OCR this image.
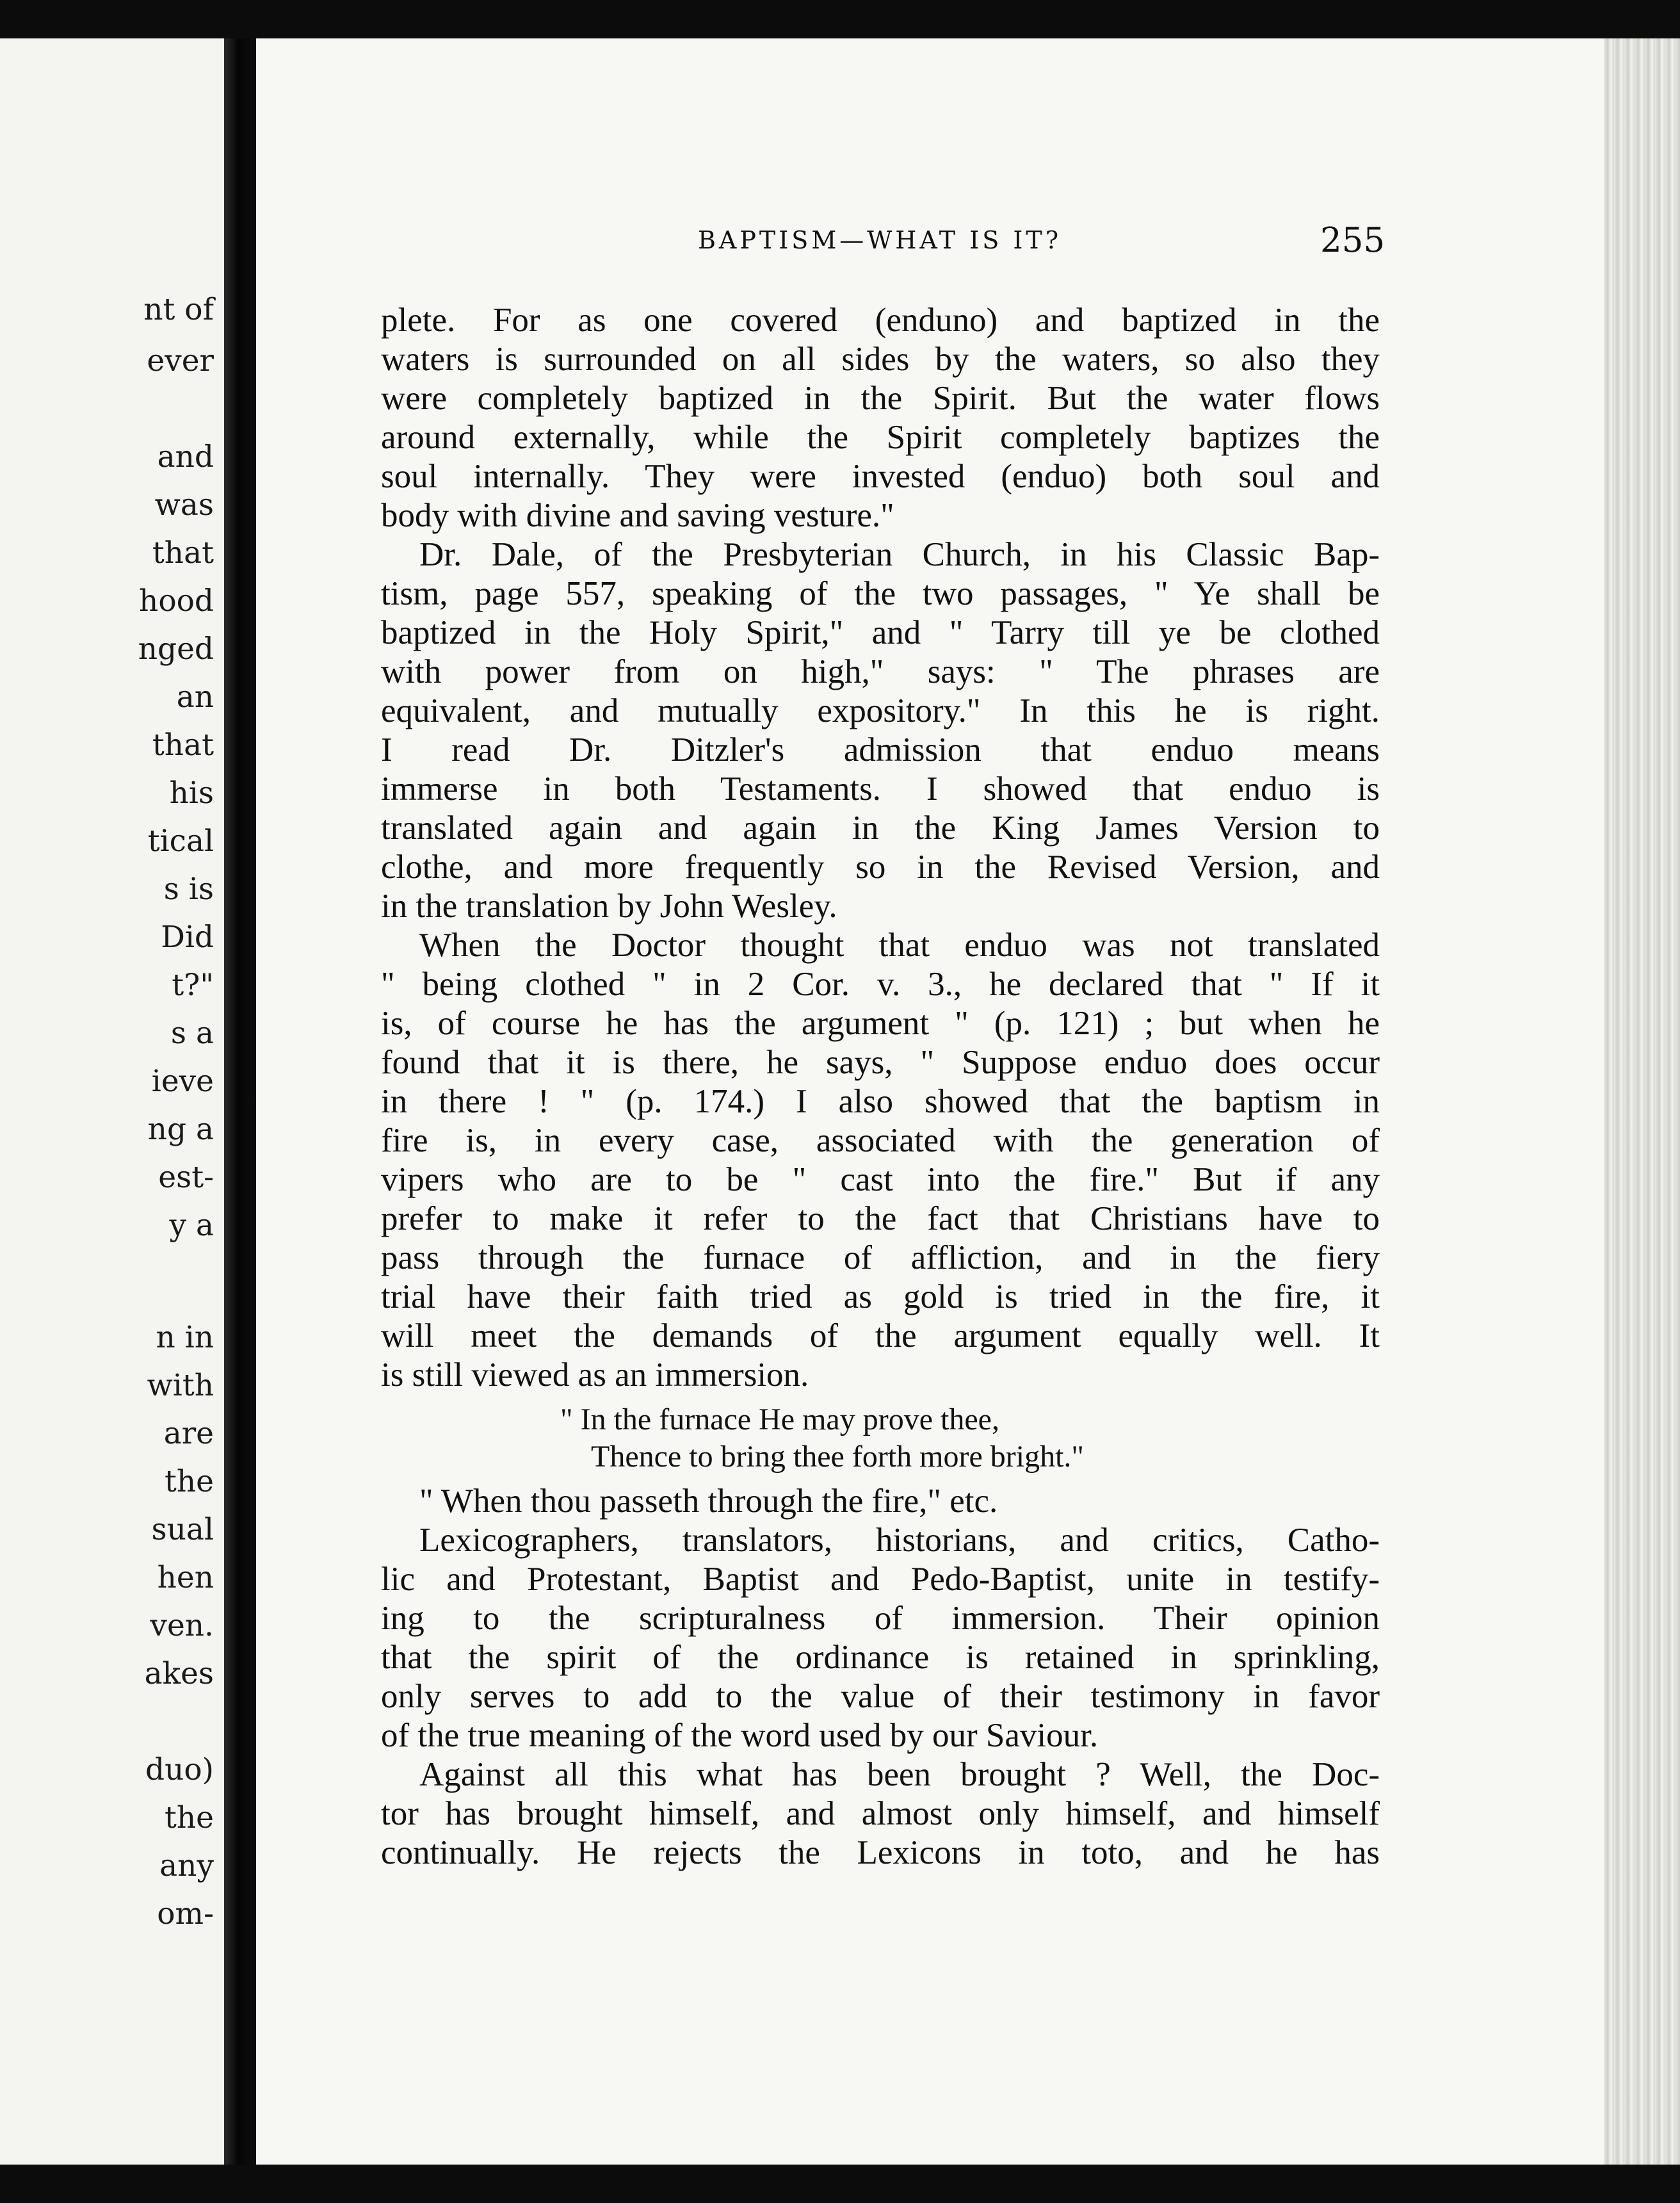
nt of
ever
and
was
that
hood
nged
an
that
his
tical
s is
Did
t?"
s a
ieve
ng a
est-
y a
n in
with
are
the
sual
hen
ven.
akes
duo)
the
any
om-
BAPTISM—WHAT IS IT?	255
plete. For as one covered (enduno) and baptized in the
waters is surrounded on all sides by the waters, so also they
were completely baptized in the Spirit. But the water flows
around externally, while the Spirit completely baptizes the
soul internally. They were invested (enduo) both soul and
body with divine and saving vesture."
Dr. Dale, of the Presbyterian Church, in his Classic Bap-
tism, page 557, speaking of the two passages, " Ye shall be
baptized in the Holy Spirit," and " Tarry till ye be clothed
with power from on high," says: " The phrases are
equivalent, and mutually expository." In this he is right.
I read Dr. Ditzler's admission that enduo means
immerse in both Testaments. I showed that enduo is
translated again and again in the King James Version to
clothe, and more frequently so in the Revised Version, and
in the translation by John Wesley.
When the Doctor thought that enduo was not translated
" being clothed " in 2 Cor. v. 3., he declared that " If it
is, of course he has the argument " (p. 121) ; but when he
found that it is there, he says, " Suppose enduo does occur
in there ! " (p. 174.) I also showed that the baptism in
fire is, in every case, associated with the generation of
vipers who are to be " cast into the fire." But if any
prefer to make it refer to the fact that Christians have to
pass through the furnace of affliction, and in the fiery
trial have their faith tried as gold is tried in the fire, it
will meet the demands of the argument equally well. It
is still viewed as an immersion.
" In the furnace He may prove thee,
Thence to bring thee forth more bright."
" When thou passeth through the fire," etc.
Lexicographers, translators, historians, and critics, Catho-
lic and Protestant, Baptist and Pedo-Baptist, unite in testify-
ing to the scripturalness of immersion. Their opinion
that the spirit of the ordinance is retained in sprinkling,
only serves to add to the value of their testimony in favor
of the true meaning of the word used by our Saviour.
Against all this what has been brought ? Well, the Doc-
tor has brought himself, and almost only himself, and himself
continually. He rejects the Lexicons in toto, and he has
